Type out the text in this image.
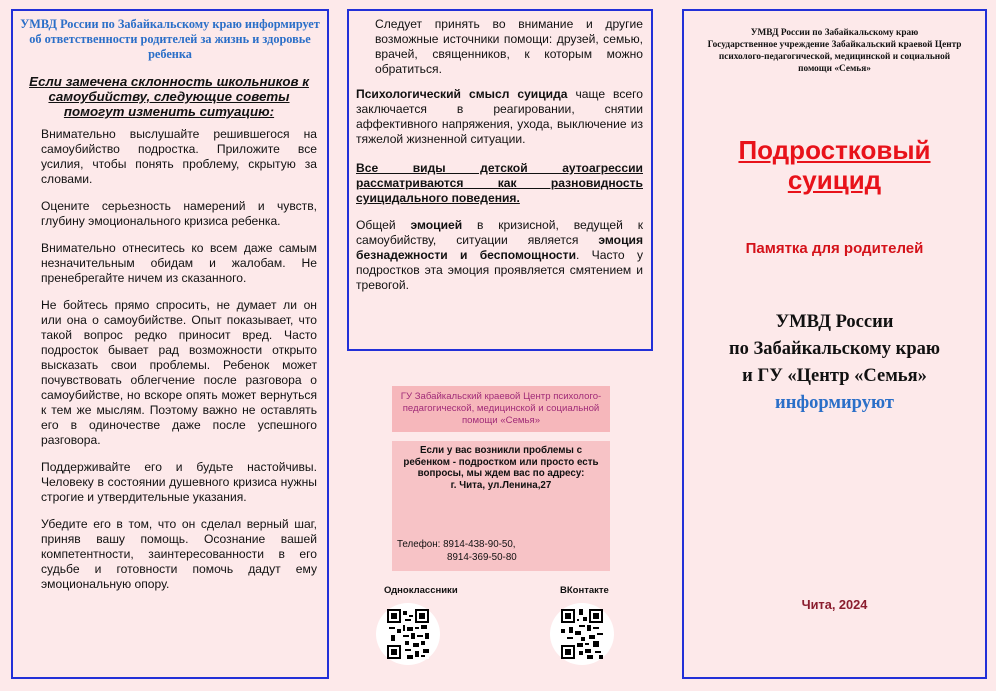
УМВД России по Забайкальскому краю информирует об ответственности родителей за жизнь и здоровье ребенка
Если замечена склонность школьников к самоубийству, следующие советы помогут изменить ситуацию:
Внимательно выслушайте решившегося на самоубийство подростка. Приложите все усилия, чтобы понять проблему, скрытую за словами.
Оцените серьезность намерений и чувств, глубину эмоционального кризиса ребенка.
Внимательно отнеситесь ко всем даже самым незначительным обидам и жалобам. Не пренебрегайте ничем из сказанного.
Не бойтесь прямо спросить, не думает ли он или она о самоубийстве. Опыт показывает, что такой вопрос редко приносит вред. Часто подросток бывает рад возможности открыто высказать свои проблемы. Ребенок может почувствовать облегчение после разговора о самоубийстве, но вскоре опять может вернуться к тем же мыслям. Поэтому важно не оставлять его в одиночестве даже после успешного разговора.
Поддерживайте его и будьте настойчивы. Человеку в состоянии душевного кризиса нужны строгие и утвердительные указания.
Убедите его в том, что он сделал верный шаг, приняв вашу помощь. Осознание вашей компетентности, заинтересованности в его судьбе и готовности помочь дадут ему эмоциональную опору.
Следует принять во внимание и другие возможные источники помощи: друзей, семью, врачей, священников, к которым можно обратиться.
Психологический смысл суицида чаще всего заключается в реагировании, снятии аффективного напряжения, ухода, выключение из тяжелой жизненной ситуации.
Все виды детской аутоагрессии рассматриваются как разновидность суицидального поведения.
Общей эмоцией в кризисной, ведущей к самоубийству, ситуации является эмоция безнадежности и беспомощности. Часто у подростков эта эмоция проявляется смятением и тревогой.
ГУ Забайкальский краевой Центр психолого-педагогической, медицинской и социальной помощи «Семья»
Если у вас возникли проблемы с ребенком - подростком или просто есть вопросы, мы ждем вас по адресу:
г. Чита, ул.Ленина,27
Телефон: 8914-438-90-50,

8914-369-50-80
Одноклассники	ВКонтакте
УМВД России по Забайкальскому краю
Государственное учреждение Забайкальский краевой Центр психолого-педагогической, медицинской и социальной помощи «Семья»
Подростковый суицид
Памятка для родителей
УМВД России
по Забайкальскому краю
и ГУ «Центр «Семья»
информируют
Чита, 2024
